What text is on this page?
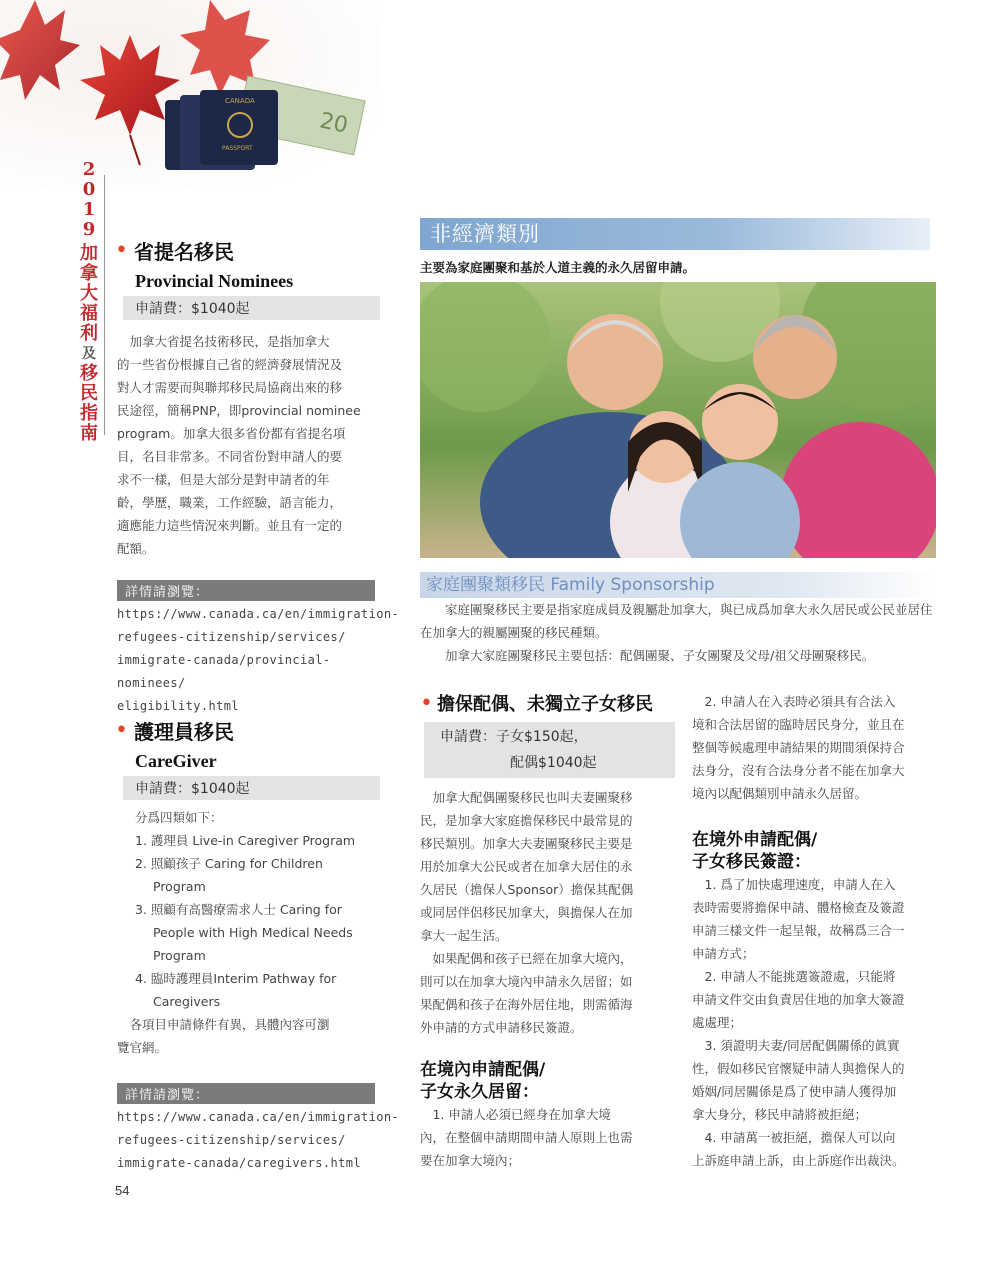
20
CANADA
PASSPORT
2
0
1
9
加
拿
大
福
利
及
移
民
指
南
• 省提名移民
Provincial Nominees
申請費：$1040起
加拿大省提名技術移民，是指加拿大
的一些省份根據自己省的經濟發展情況及
對人才需要而與聯邦移民局協商出來的移
民途徑，簡稱PNP，即provincial nominee
program。加拿大很多省份都有省提名項
目，名目非常多。不同省份對申請人的要
求不一樣，但是大部分是對申請者的年
齡，學歷，職業，工作經驗，語言能力，
適應能力這些情況來判斷。並且有一定的
配額。
詳情請瀏覽：
https://www.canada.ca/en/immigration-
refugees-citizenship/services/
immigrate-canada/provincial-nominees/
eligibility.html
• 護理員移民
CareGiver
申請費：$1040起
分爲四類如下：
1. 護理員 Live-in Caregiver Program
2. 照顧孩子 Caring for Children
Program
3. 照顧有高醫療需求人士 Caring for
People with High Medical Needs
Program
4. 臨時護理員Interim Pathway for
Caregivers
各項目申請條件有異，具體內容可瀏
覽官網。
詳情請瀏覽：
https://www.canada.ca/en/immigration-
refugees-citizenship/services/
immigrate-canada/caregivers.html
54
非經濟類別
主要為家庭團聚和基於人道主義的永久居留申請。
家庭團聚類移民 Family Sponsorship
家庭團聚移民主要是指家庭成員及親屬赴加拿大，與已成爲加拿大永久居民或公民並居住在加拿大的親屬團聚的移民種類。
加拿大家庭團聚移民主要包括：配偶團聚、子女團聚及父母/祖父母團聚移民。
• 擔保配偶、未獨立子女移民
申請費：子女$150起，
配偶$1040起
加拿大配偶團聚移民也叫夫妻團聚移
民，是加拿大家庭擔保移民中最常見的
移民類別。加拿大夫妻團聚移民主要是
用於加拿大公民或者在加拿大居住的永
久居民（擔保人Sponsor）擔保其配偶
或同居伴侶移民加拿大，與擔保人在加
拿大一起生活。
如果配偶和孩子已經在加拿大境內，
則可以在加拿大境內申請永久居留；如
果配偶和孩子在海外居住地，則需循海
外申請的方式申請移民簽證。
在境內申請配偶/
子女永久居留：
1. 申請人必須已經身在加拿大境
內，在整個申請期間申請人原則上也需
要在加拿大境內；
2. 申請人在入表時必須具有合法入
境和合法居留的臨時居民身分，並且在
整個等候處理申請結果的期間須保持合
法身分，沒有合法身分者不能在加拿大
境內以配偶類別申請永久居留。
在境外申請配偶/
子女移民簽證：
1. 爲了加快處理速度，申請人在入
表時需要將擔保申請、體格檢查及簽證
申請三樣文件一起呈報，故稱爲三合一
申請方式；
2. 申請人不能挑選簽證處，只能將
申請文件交由負責居住地的加拿大簽證
處處理；
3. 須證明夫妻/同居配偶關係的眞實
性，假如移民官懷疑申請人與擔保人的
婚姻/同居關係是爲了使申請人獲得加
拿大身分，移民申請將被拒絕；
4. 申請萬一被拒絕，擔保人可以向
上訴庭申請上訴，由上訴庭作出裁決。
